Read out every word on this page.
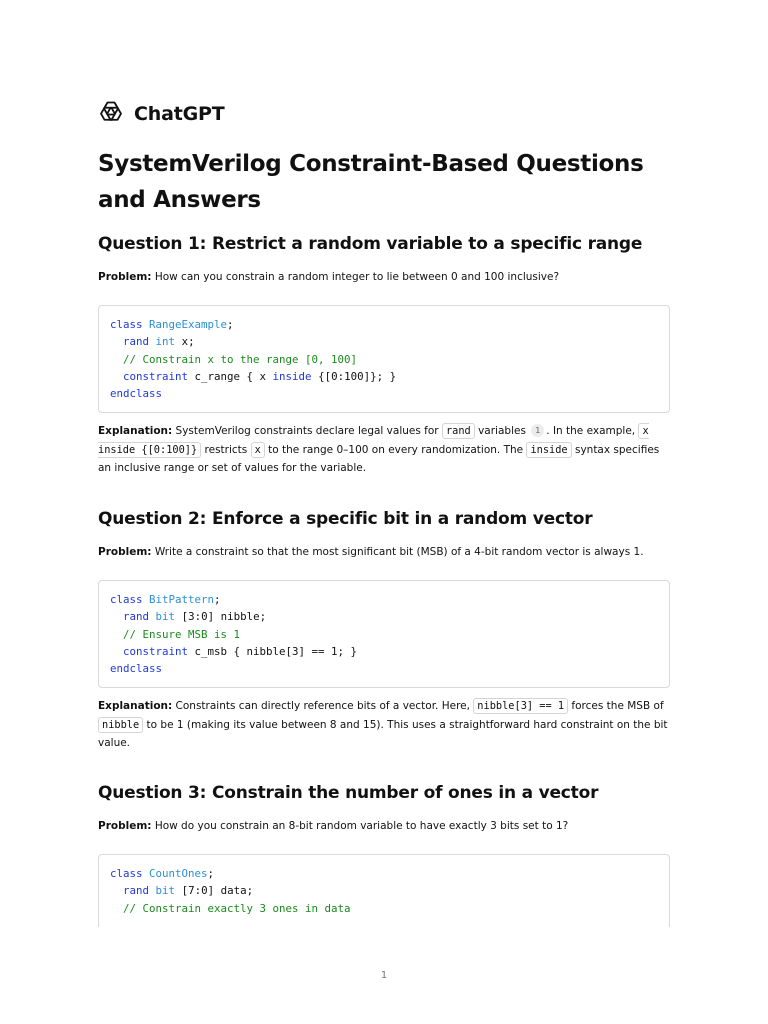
ChatGPT
SystemVerilog Constraint-Based Questions and Answers
Question 1: Restrict a random variable to a specific range

Problem: How can you constrain a random integer to lie between 0 and 100 inclusive?

class RangeExample;
rand int x;
// Constrain x to the range [0, 100]
constraint c_range { x inside {[0:100]}; }
endclass

Explanation: SystemVerilog constraints declare legal values for rand variables 1 . In the example, x inside {[0:100]} restricts x to the range 0–100 on every randomization. The inside syntax specifies an inclusive range or set of values for the variable.

Question 2: Enforce a specific bit in a random vector

Problem: Write a constraint so that the most significant bit (MSB) of a 4-bit random vector is always 1.

class BitPattern;
rand bit [3:0] nibble;
// Ensure MSB is 1
constraint c_msb { nibble[3] == 1; }
endclass

Explanation: Constraints can directly reference bits of a vector. Here, nibble[3] == 1 forces the MSB of nibble to be 1 (making its value between 8 and 15). This uses a straightforward hard constraint on the bit value.

Question 3: Constrain the number of ones in a vector

Problem: How do you constrain an 8-bit random variable to have exactly 3 bits set to 1?

class CountOnes;
rand bit [7:0] data;
// Constrain exactly 3 ones in data
1
